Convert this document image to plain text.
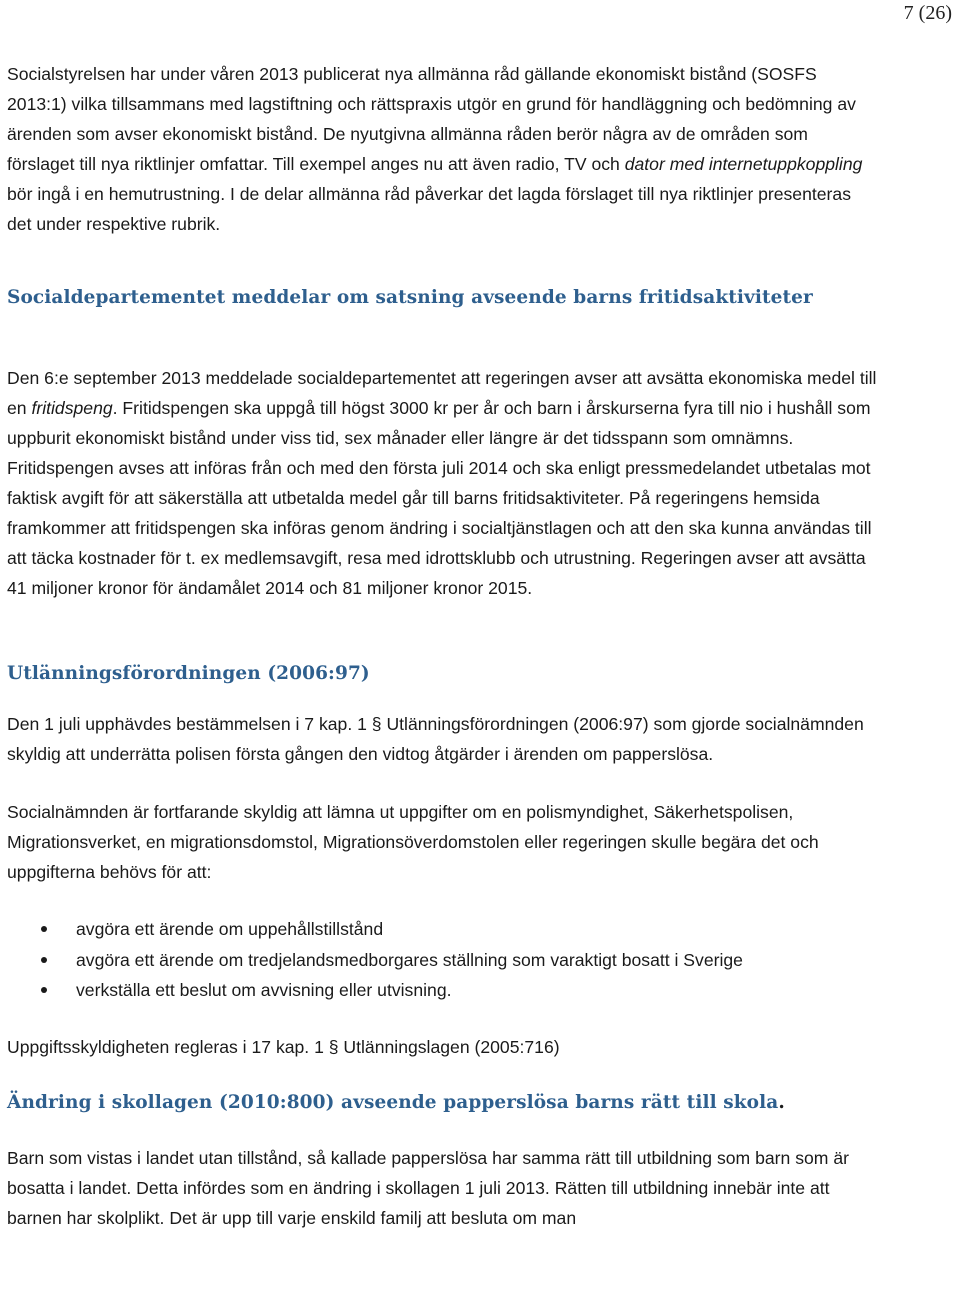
7 (26)

Socialstyrelsen har under våren 2013 publicerat nya allmänna råd gällande ekonomiskt bistånd (SOSFS 2013:1) vilka tillsammans med lagstiftning och rättspraxis utgör en grund för handläggning och bedömning av ärenden som avser ekonomiskt bistånd. De nyutgivna allmänna råden berör några av de områden som förslaget till nya riktlinjer omfattar. Till exempel anges nu att även radio, TV och dator med internetuppkoppling bör ingå i en hemutrustning. I de delar allmänna råd påverkar det lagda förslaget till nya riktlinjer presenteras det under respektive rubrik.

Socialdepartementet meddelar om satsning avseende barns fritidsaktiviteter

Den 6:e september 2013 meddelade socialdepartementet att regeringen avser att avsätta ekonomiska medel till en fritidspeng. Fritidspengen ska uppgå till högst 3000 kr per år och barn i årskurserna fyra till nio i hushåll som uppburit ekonomiskt bistånd under viss tid, sex månader eller längre är det tidsspann som omnämns. Fritidspengen avses att införas från och med den första juli 2014 och ska enligt pressmedelandet utbetalas mot faktisk avgift för att säkerställa att utbetalda medel går till barns fritidsaktiviteter. På regeringens hemsida framkommer att fritidspengen ska införas genom ändring i socialtjänstlagen och att den ska kunna användas till att täcka kostnader för t. ex medlemsavgift, resa med idrottsklubb och utrustning. Regeringen avser att avsätta 41 miljoner kronor för ändamålet 2014 och 81 miljoner kronor 2015.

Utlänningsförordningen (2006:97)

Den 1 juli upphävdes bestämmelsen i 7 kap. 1 § Utlänningsförordningen (2006:97) som gjorde socialnämnden skyldig att underrätta polisen första gången den vidtog åtgärder i ärenden om papperslösa.

Socialnämnden är fortfarande skyldig att lämna ut uppgifter om en polismyndighet, Säkerhetspolisen, Migrationsverket, en migrationsdomstol, Migrationsöverdomstolen eller regeringen skulle begära det och uppgifterna behövs för att:

avgöra ett ärende om uppehållstillstånd
avgöra ett ärende om tredjelandsmedborgares ställning som varaktigt bosatt i Sverige
verkställa ett beslut om avvisning eller utvisning.

Uppgiftsskyldigheten regleras i 17 kap. 1 § Utlänningslagen (2005:716)

Ändring i skollagen (2010:800) avseende papperslösa barns rätt till skola.

Barn som vistas i landet utan tillstånd, så kallade papperslösa har samma rätt till utbildning som barn som är bosatta i landet. Detta infördes som en ändring i skollagen 1 juli 2013. Rätten till utbildning innebär inte att barnen har skolplikt. Det är upp till varje enskild familj att besluta om man
